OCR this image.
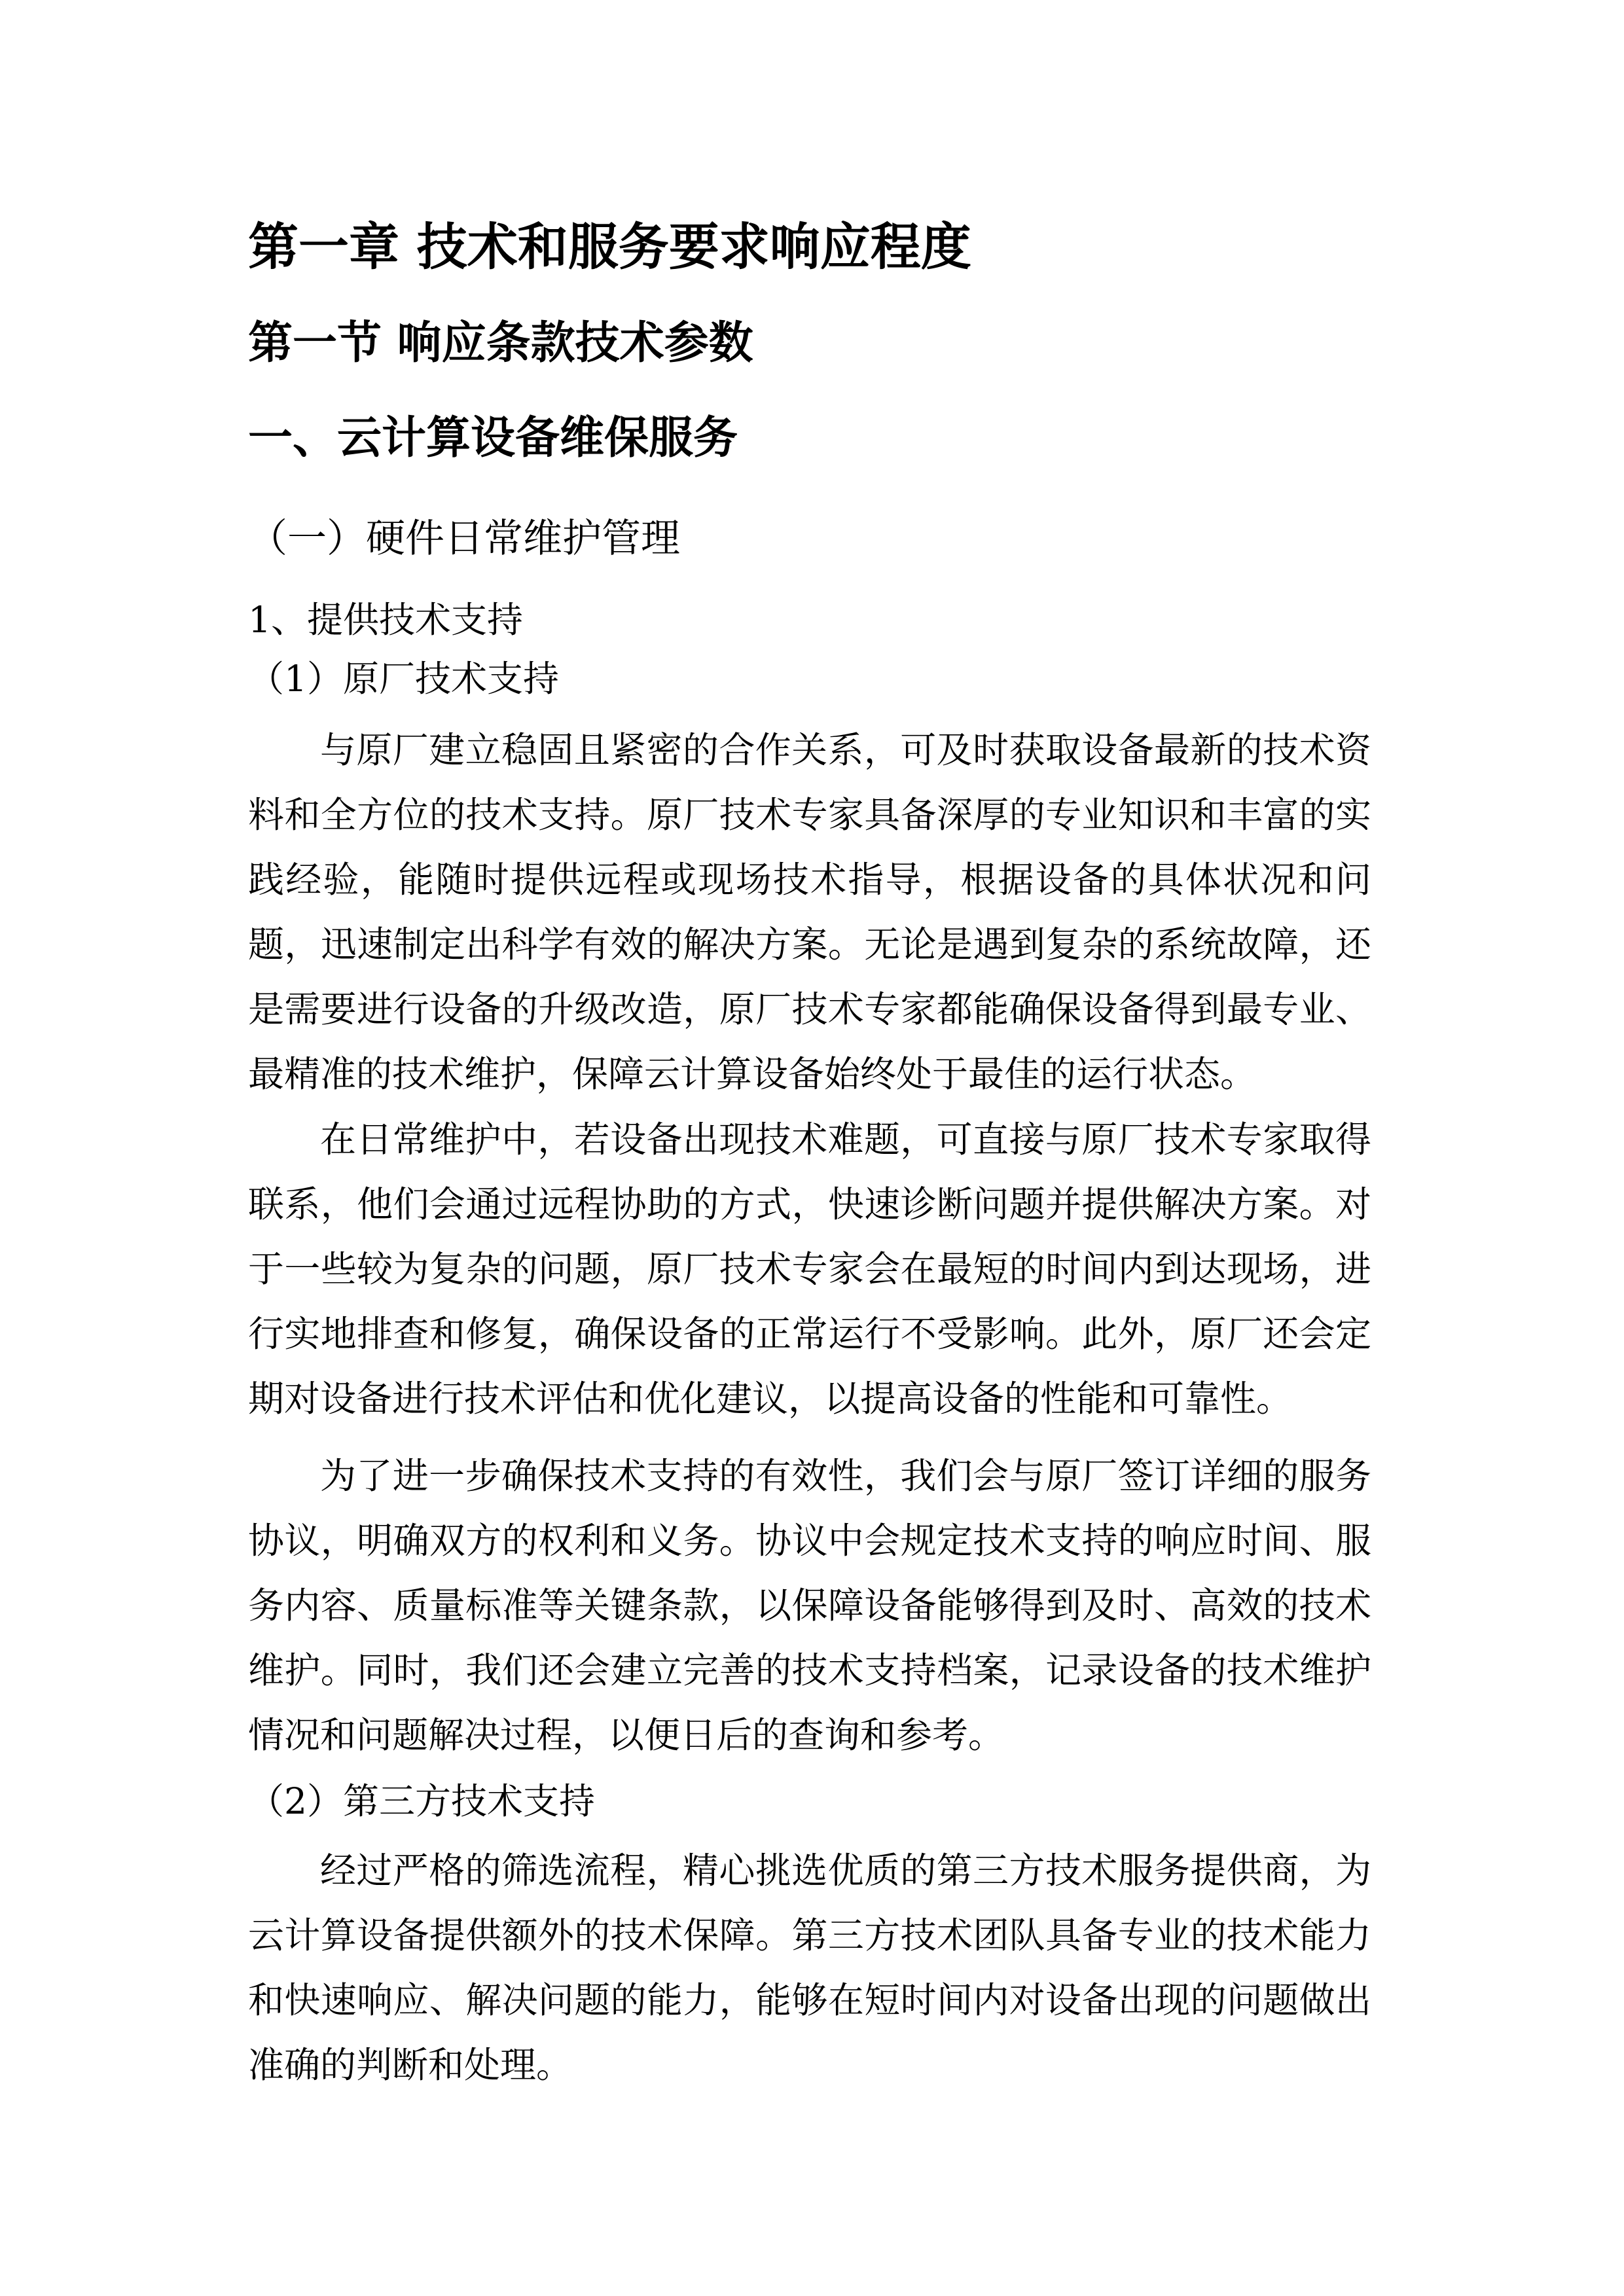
第一章 技术和服务要求响应程度
第一节 响应条款技术参数
一、云计算设备维保服务
（一）硬件日常维护管理
1、提供技术支持
（1）原厂技术支持

与原厂建立稳固且紧密的合作关系，可及时获取设备最新的技术资料和全方位的技术支持。原厂技术专家具备深厚的专业知识和丰富的实践经验，能随时提供远程或现场技术指导，根据设备的具体状况和问题，迅速制定出科学有效的解决方案。无论是遇到复杂的系统故障，还是需要进行设备的升级改造，原厂技术专家都能确保设备得到最专业、最精准的技术维护，保障云计算设备始终处于最佳的运行状态。

在日常维护中，若设备出现技术难题，可直接与原厂技术专家取得联系，他们会通过远程协助的方式，快速诊断问题并提供解决方案。对于一些较为复杂的问题，原厂技术专家会在最短的时间内到达现场，进行实地排查和修复，确保设备的正常运行不受影响。此外，原厂还会定期对设备进行技术评估和优化建议，以提高设备的性能和可靠性。

为了进一步确保技术支持的有效性，我们会与原厂签订详细的服务协议，明确双方的权利和义务。协议中会规定技术支持的响应时间、服务内容、质量标准等关键条款，以保障设备能够得到及时、高效的技术维护。同时，我们还会建立完善的技术支持档案，记录设备的技术维护情况和问题解决过程，以便日后的查询和参考。

（2）第三方技术支持

经过严格的筛选流程，精心挑选优质的第三方技术服务提供商，为云计算设备提供额外的技术保障。第三方技术团队具备专业的技术能力和快速响应、解决问题的能力，能够在短时间内对设备出现的问题做出准确的判断和处理。
